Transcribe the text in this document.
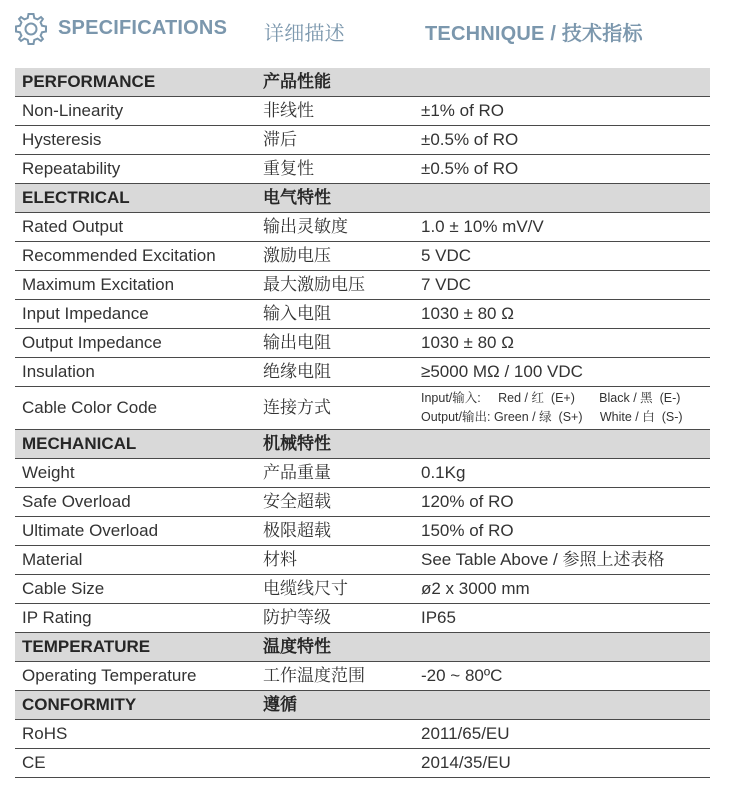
SPECIFICATIONS 详细描述	TECHNIQUE / 技术指标
PERFORMANCE	产品性能	
Non-Linearity	非线性	±1% of RO
Hysteresis	滞后	±0.5% of RO
Repeatability	重复性	±0.5% of RO
ELECTRICAL	电气特性	
Rated Output	输出灵敏度	1.0 ± 10% mV/V
Recommended Excitation	激励电压	5 VDC
Maximum Excitation	最大激励电压	7 VDC
Input Impedance	输入电阻	1030 ± 80 Ω
Output Impedance	输出电阻	1030 ± 80 Ω
Insulation	绝缘电阻	≥5000 MΩ / 100 VDC
Cable Color Code	连接方式	Input/输入:     Red / 红  (E+)       Black / 黑  (E-)
Output/输出: Green / 绿  (S+)     White / 白  (S-)

MECHANICAL	机械特性	
Weight	产品重量	0.1Kg
Safe Overload	安全超载	120% of RO
Ultimate Overload	极限超载	150% of RO
Material	材料	See Table Above / 参照上述表格
Cable Size	电缆线尺寸	ø2 x 3000 mm
IP Rating	防护等级	IP65
TEMPERATURE	温度特性	
Operating Temperature	工作温度范围	-20 ~ 80ºC
CONFORMITY	遵循	
RoHS		2011/65/EU
CE		2014/35/EU
